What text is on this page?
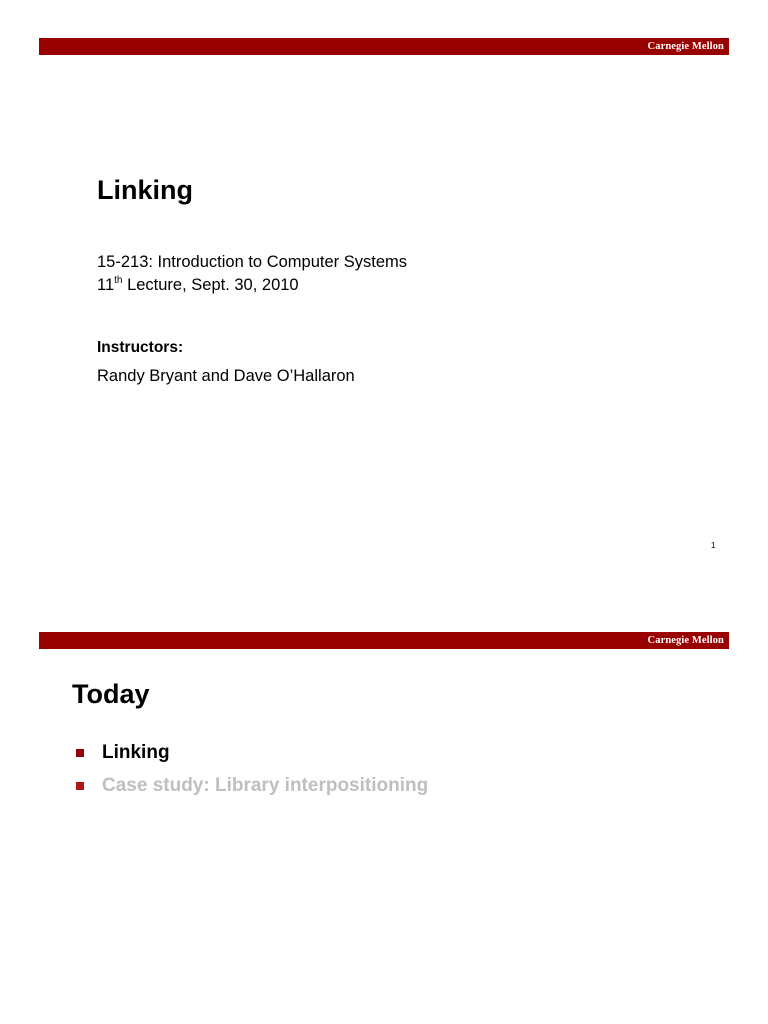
Carnegie Mellon
Linking
15-213: Introduction to Computer Systems
11th Lecture, Sept. 30, 2010
Instructors:
Randy Bryant and Dave O’Hallaron
1
Carnegie Mellon
Today
Linking
Case study: Library interpositioning
